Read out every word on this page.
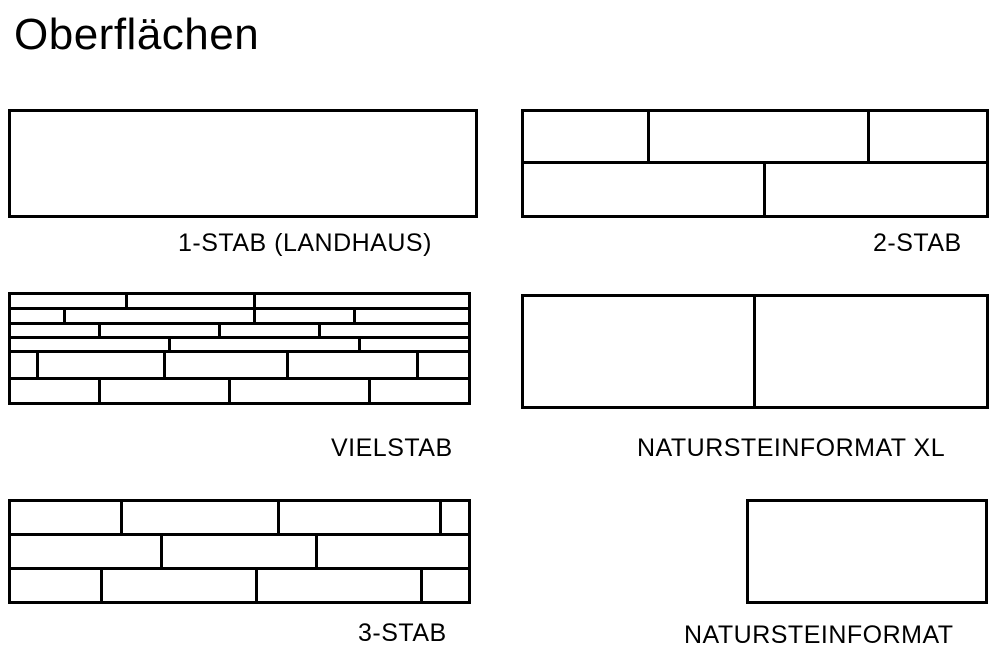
Oberflächen
1-STAB (LANDHAUS)	2-STAB
VIELSTAB	NATURSTEINFORMAT XL
3-STAB	NATURSTEINFORMAT
